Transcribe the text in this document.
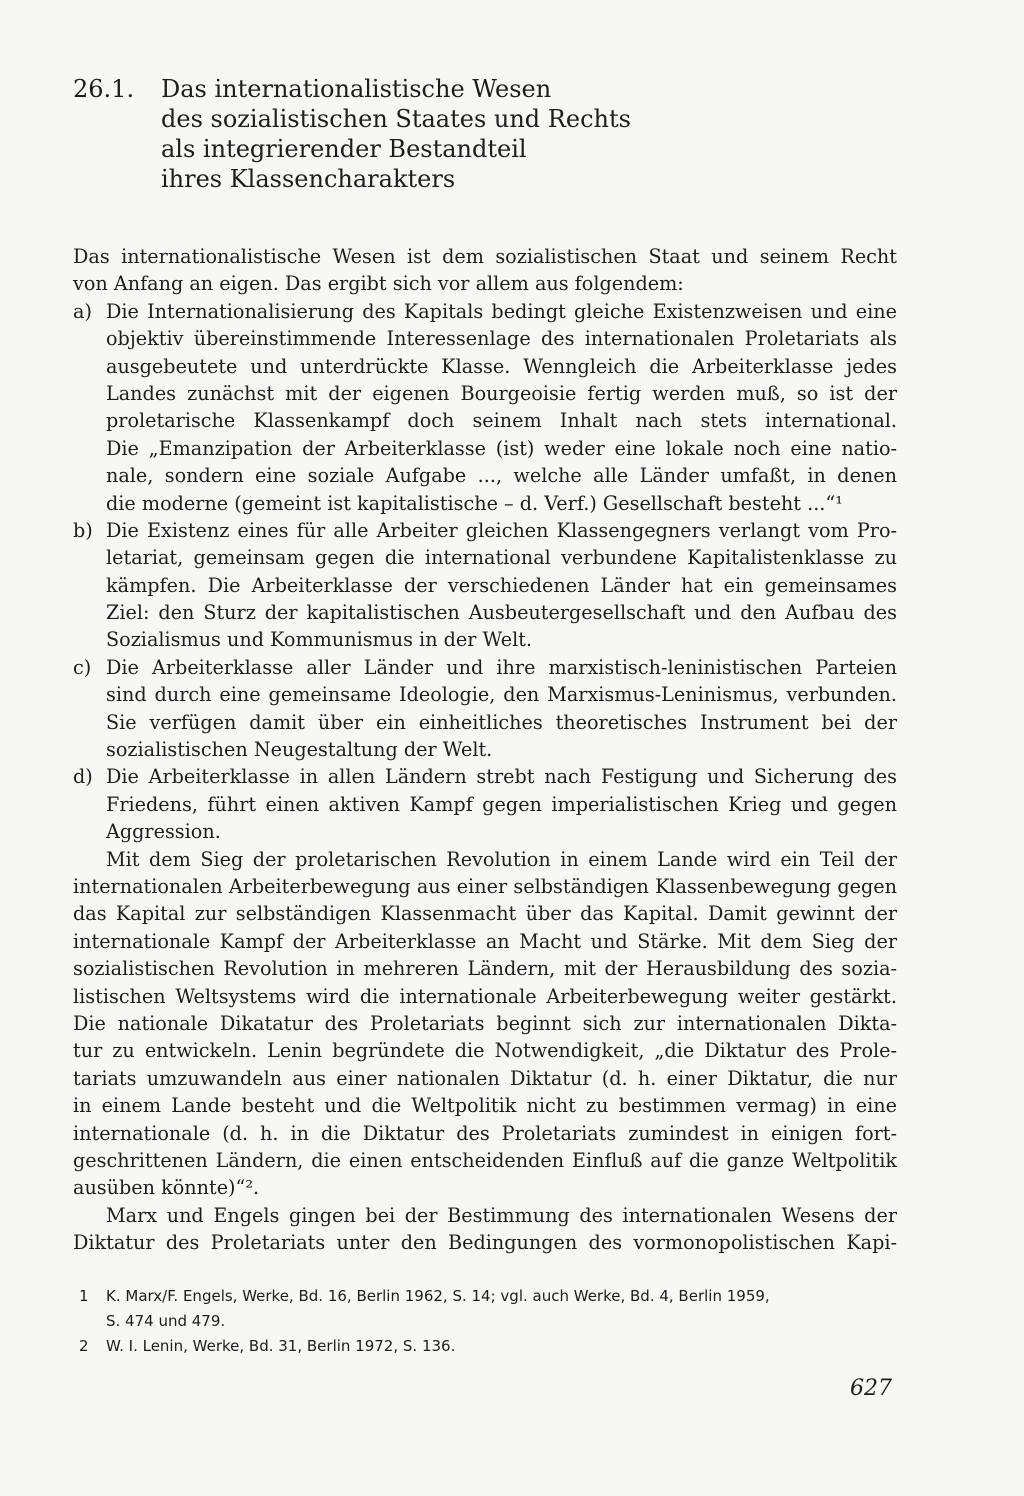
26.1. Das internationalistische Wesen
des sozialistischen Staates und Rechts
als integrierender Bestandteil
ihres Klassencharakters
Das internationalistische Wesen ist dem sozialistischen Staat und seinem Recht
von Anfang an eigen. Das ergibt sich vor allem aus folgendem:
a) Die Internationalisierung des Kapitals bedingt gleiche Existenzweisen und eine
objektiv übereinstimmende Interessenlage des internationalen Proletariats als
ausgebeutete und unterdrückte Klasse. Wenngleich die Arbeiterklasse jedes
Landes zunächst mit der eigenen Bourgeoisie fertig werden muß, so ist der
proletarische Klassenkampf doch seinem Inhalt nach stets international.
Die „Emanzipation der Arbeiterklasse (ist) weder eine lokale noch eine natio-
nale, sondern eine soziale Aufgabe ..., welche alle Länder umfaßt, in denen
die moderne (gemeint ist kapitalistische – d. Verf.) Gesellschaft besteht ...“¹
b) Die Existenz eines für alle Arbeiter gleichen Klassengegners verlangt vom Pro-
letariat, gemeinsam gegen die international verbundene Kapitalistenklasse zu
kämpfen. Die Arbeiterklasse der verschiedenen Länder hat ein gemeinsames
Ziel: den Sturz der kapitalistischen Ausbeutergesellschaft und den Aufbau des
Sozialismus und Kommunismus in der Welt.
c) Die Arbeiterklasse aller Länder und ihre marxistisch-leninistischen Parteien
sind durch eine gemeinsame Ideologie, den Marxismus-Leninismus, verbunden.
Sie verfügen damit über ein einheitliches theoretisches Instrument bei der
sozialistischen Neugestaltung der Welt.
d) Die Arbeiterklasse in allen Ländern strebt nach Festigung und Sicherung des
Friedens, führt einen aktiven Kampf gegen imperialistischen Krieg und gegen
Aggression.
Mit dem Sieg der proletarischen Revolution in einem Lande wird ein Teil der
internationalen Arbeiterbewegung aus einer selbständigen Klassenbewegung gegen
das Kapital zur selbständigen Klassenmacht über das Kapital. Damit gewinnt der
internationale Kampf der Arbeiterklasse an Macht und Stärke. Mit dem Sieg der
sozialistischen Revolution in mehreren Ländern, mit der Herausbildung des sozia-
listischen Weltsystems wird die internationale Arbeiterbewegung weiter gestärkt.
Die nationale Dikatatur des Proletariats beginnt sich zur internationalen Dikta-
tur zu entwickeln. Lenin begründete die Notwendigkeit, „die Diktatur des Prole-
tariats umzuwandeln aus einer nationalen Diktatur (d. h. einer Diktatur, die nur
in einem Lande besteht und die Weltpolitik nicht zu bestimmen vermag) in eine
internationale (d. h. in die Diktatur des Proletariats zumindest in einigen fort-
geschrittenen Ländern, die einen entscheidenden Einfluß auf die ganze Weltpolitik
ausüben könnte)“².
Marx und Engels gingen bei der Bestimmung des internationalen Wesens der
Diktatur des Proletariats unter den Bedingungen des vormonopolistischen Kapi-
1 K. Marx/F. Engels, Werke, Bd. 16, Berlin 1962, S. 14; vgl. auch Werke, Bd. 4, Berlin 1959,
S. 474 und 479.
2 W. I. Lenin, Werke, Bd. 31, Berlin 1972, S. 136.
627
